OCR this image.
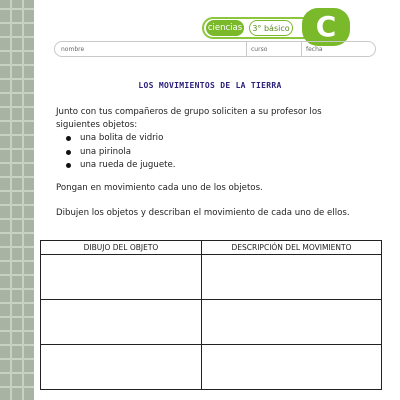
ciencias	3° básico C
nombre	curso	fecha
LOS MOVIMIENTOS DE LA TIERRA
Junto con tus compañeros de grupo soliciten a su profesor los
siguientes objetos:
una bolita de vidrio
una pirinola
una rueda de juguete.
Pongan en movimiento cada uno de los objetos.
Dibujen los objetos y describan el movimiento de cada uno de ellos.
DIBUJO DEL OBJETO	DESCRIPCIÓN DEL MOVIMIENTO
